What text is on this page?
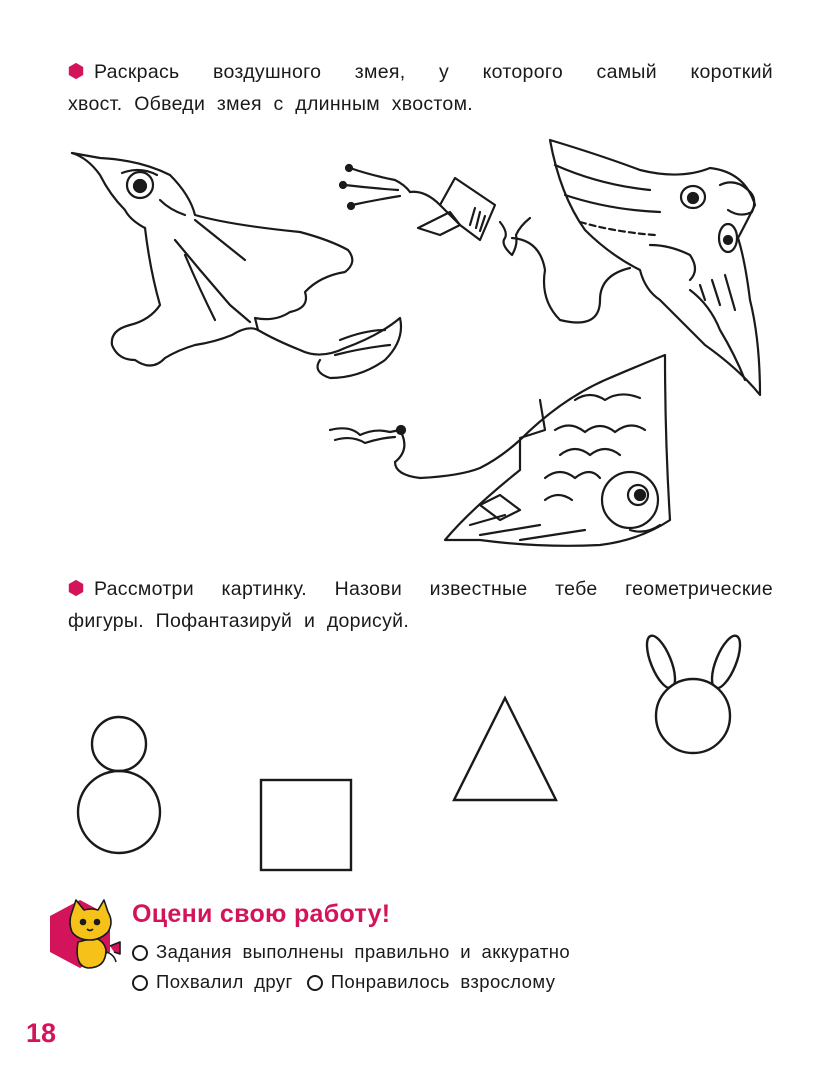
Раскрась воздушного змея, у которого самый короткий
хвост. Обведи змея с длинным хвостом.
Рассмотри картинку. Назови известные тебе геометрические
фигуры. Пофантазируй и дорисуй.
Оцени свою работу!
Задания выполнены правильно и аккуратно
Похвалил друг Понравилось взрослому
18
